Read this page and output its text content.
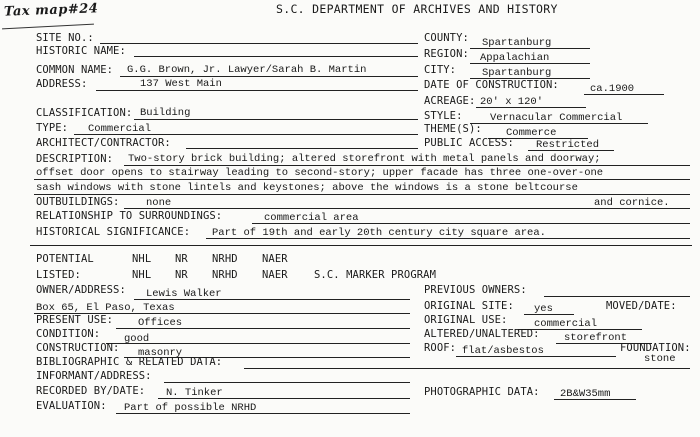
Tax map#24	S.C. DEPARTMENT OF ARCHIVES AND HISTORY
SITE NO.:
HISTORIC NAME:
COMMON NAME: G.G. Brown, Jr. Lawyer/Sarah B. Martin
ADDRESS:	137 West Main
CLASSIFICATION: Building
TYPE: Commercial
ARCHITECT/CONTRACTOR:
COUNTY: Spartanburg
REGION: Appalachian
CITY: Spartanburg
DATE OF CONSTRUCTION:	ca.1900
ACREAGE: 20' x 120'
STYLE:	Vernacular Commercial
THEME(S): Commerce
PUBLIC ACCESS: Restricted
DESCRIPTION: Two-story brick building; altered storefront with metal panels and doorway;
offset door opens to stairway leading to second-story; upper facade has three one-over-one
sash windows with stone lintels and keystones; above the windows is a stone beltcourse
OUTBUILDINGS:	none	and cornice.
RELATIONSHIP TO SURROUNDINGS:	commercial area
HISTORICAL SIGNIFICANCE: Part of 19th and early 20th century city square area.
POTENTIAL	NHL NR NRHD NAER
LISTED:	NHL NR NRHD NAER	S.C. MARKER PROGRAM
OWNER/ADDRESS: Lewis Walker
Box 65, El Paso, Texas
PRESENT USE: Offices
CONDITION: good
CONSTRUCTION: masonry
BIBLIOGRAPHIC & RELATED DATA:
INFORMANT/ADDRESS:
RECORDED BY/DATE: N. Tinker
EVALUATION: Part of possible NRHD
PREVIOUS OWNERS:
ORIGINAL SITE: yes	MOVED/DATE:
ORIGINAL USE:	commercial
ALTERED/UNALTERED: storefront
ROOF: flat/asbestos	FOUNDATION:
stone
PHOTOGRAPHIC DATA: 2B&W35mm
